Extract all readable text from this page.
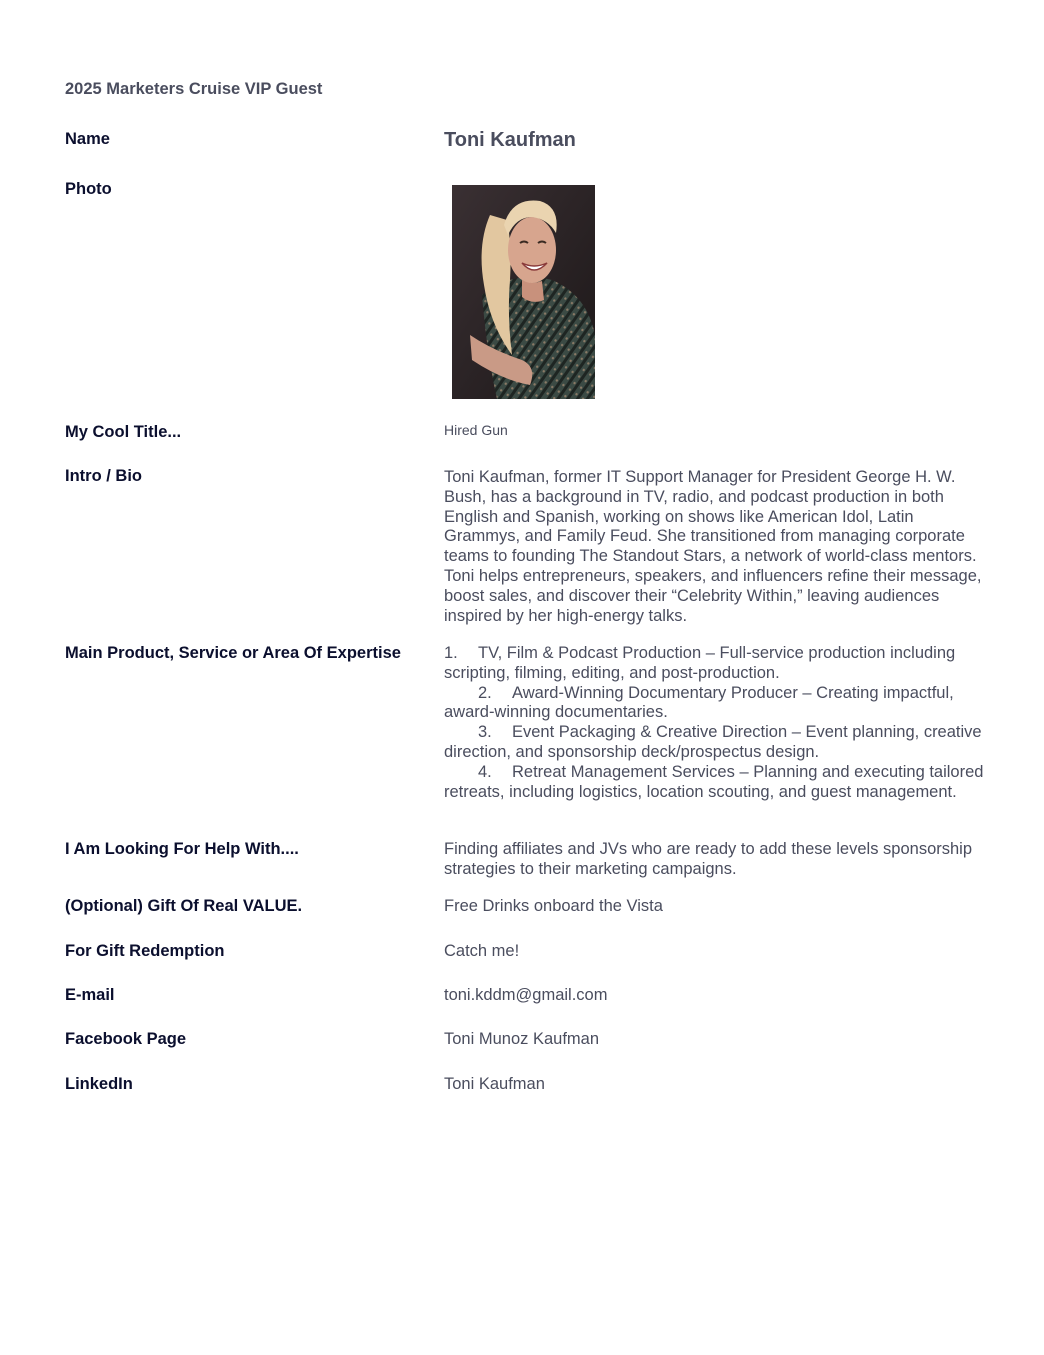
2025 Marketers Cruise VIP Guest
Name	Toni Kaufman
Photo
My Cool Title...	Hired Gun
Intro / Bio	Toni Kaufman, former IT Support Manager for President George H. W. Bush, has a background in TV, radio, and podcast production in both English and Spanish, working on shows like American Idol, Latin Grammys, and Family Feud. She transitioned from managing corporate teams to founding The Standout Stars, a network of world-class mentors. Toni helps entrepreneurs, speakers, and influencers refine their message, boost sales, and discover their “Celebrity Within,” leaving audiences inspired by her high-energy talks.
Main Product, Service or Area Of Expertise	1. TV, Film & Podcast Production – Full-service production including scripting, filming, editing, and post-production.

2. Award-Winning Documentary Producer – Creating impactful, award-winning documentaries.

3. Event Packaging & Creative Direction – Event planning, creative direction, and sponsorship deck/prospectus design.

4. Retreat Management Services – Planning and executing tailored retreats, including logistics, location scouting, and guest management.

I Am Looking For Help With....	Finding affiliates and JVs who are ready to add these levels sponsorship strategies to their marketing campaigns.
(Optional) Gift Of Real VALUE.	Free Drinks onboard the Vista
For Gift Redemption	Catch me!
E-mail	toni.kddm@gmail.com
Facebook Page	Toni Munoz Kaufman
LinkedIn	Toni Kaufman
